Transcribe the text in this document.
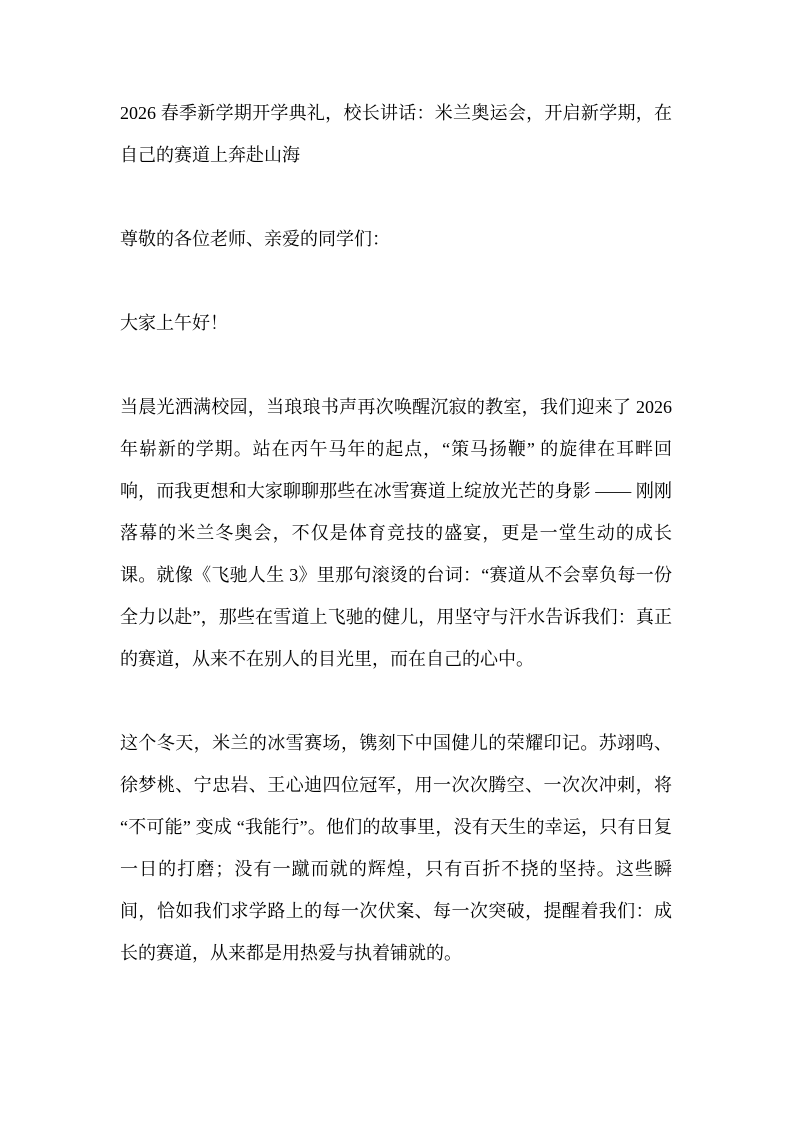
2026 春季新学期开学典礼，校长讲话：米兰奥运会，开启新学期，在自己的赛道上奔赴山海

尊敬的各位老师、亲爱的同学们：

大家上午好！

当晨光洒满校园，当琅琅书声再次唤醒沉寂的教室，我们迎来了 2026 年崭新的学期。站在丙午马年的起点，“策马扬鞭” 的旋律在耳畔回响，而我更想和大家聊聊那些在冰雪赛道上绽放光芒的身影 —— 刚刚落幕的米兰冬奥会，不仅是体育竞技的盛宴，更是一堂生动的成长课。就像《飞驰人生 3》里那句滚烫的台词：“赛道从不会辜负每一份全力以赴”，那些在雪道上飞驰的健儿，用坚守与汗水告诉我们：真正的赛道，从来不在别人的目光里，而在自己的心中。

这个冬天，米兰的冰雪赛场，镌刻下中国健儿的荣耀印记。苏翊鸣、徐梦桃、宁忠岩、王心迪四位冠军，用一次次腾空、一次次冲刺，将 “不可能” 变成 “我能行”。他们的故事里，没有天生的幸运，只有日复一日的打磨；没有一蹴而就的辉煌，只有百折不挠的坚持。这些瞬间，恰如我们求学路上的每一次伏案、每一次突破，提醒着我们：成长的赛道，从来都是用热爱与执着铺就的。
